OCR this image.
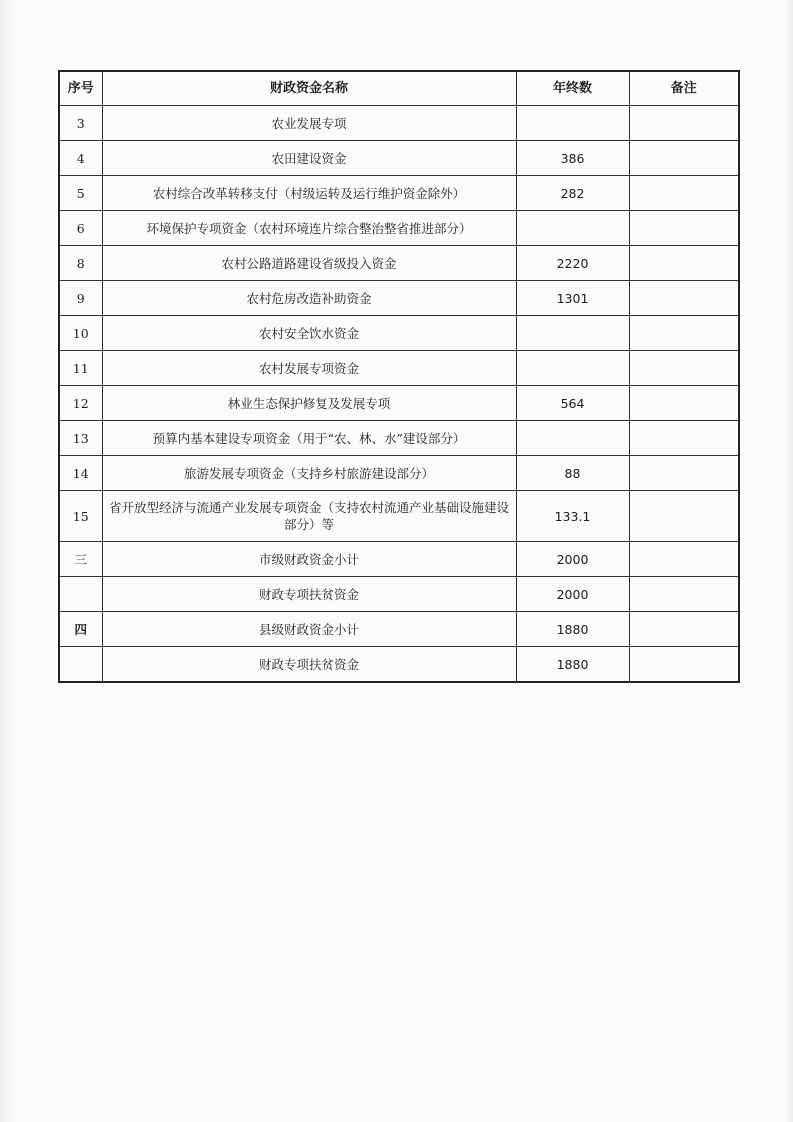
序号	财政资金名称	年终数	备注
3	农业发展专项		
4	农田建设资金	386	
5	农村综合改革转移支付（村级运转及运行维护资金除外）	282	
6	环境保护专项资金（农村环境连片综合整治整省推进部分）		
8	农村公路道路建设省级投入资金	2220	
9	农村危房改造补助资金	1301	
10	农村安全饮水资金		
11	农村发展专项资金		
12	林业生态保护修复及发展专项	564	
13	预算内基本建设专项资金（用于“农、林、水”建设部分）		
14	旅游发展专项资金（支持乡村旅游建设部分）	88	
15	省开放型经济与流通产业发展专项资金（支持农村流通产业基础设施建设部分）等	133.1	
三	市级财政资金小计	2000	
	财政专项扶贫资金	2000	
四	县级财政资金小计	1880	
	财政专项扶贫资金	1880	
